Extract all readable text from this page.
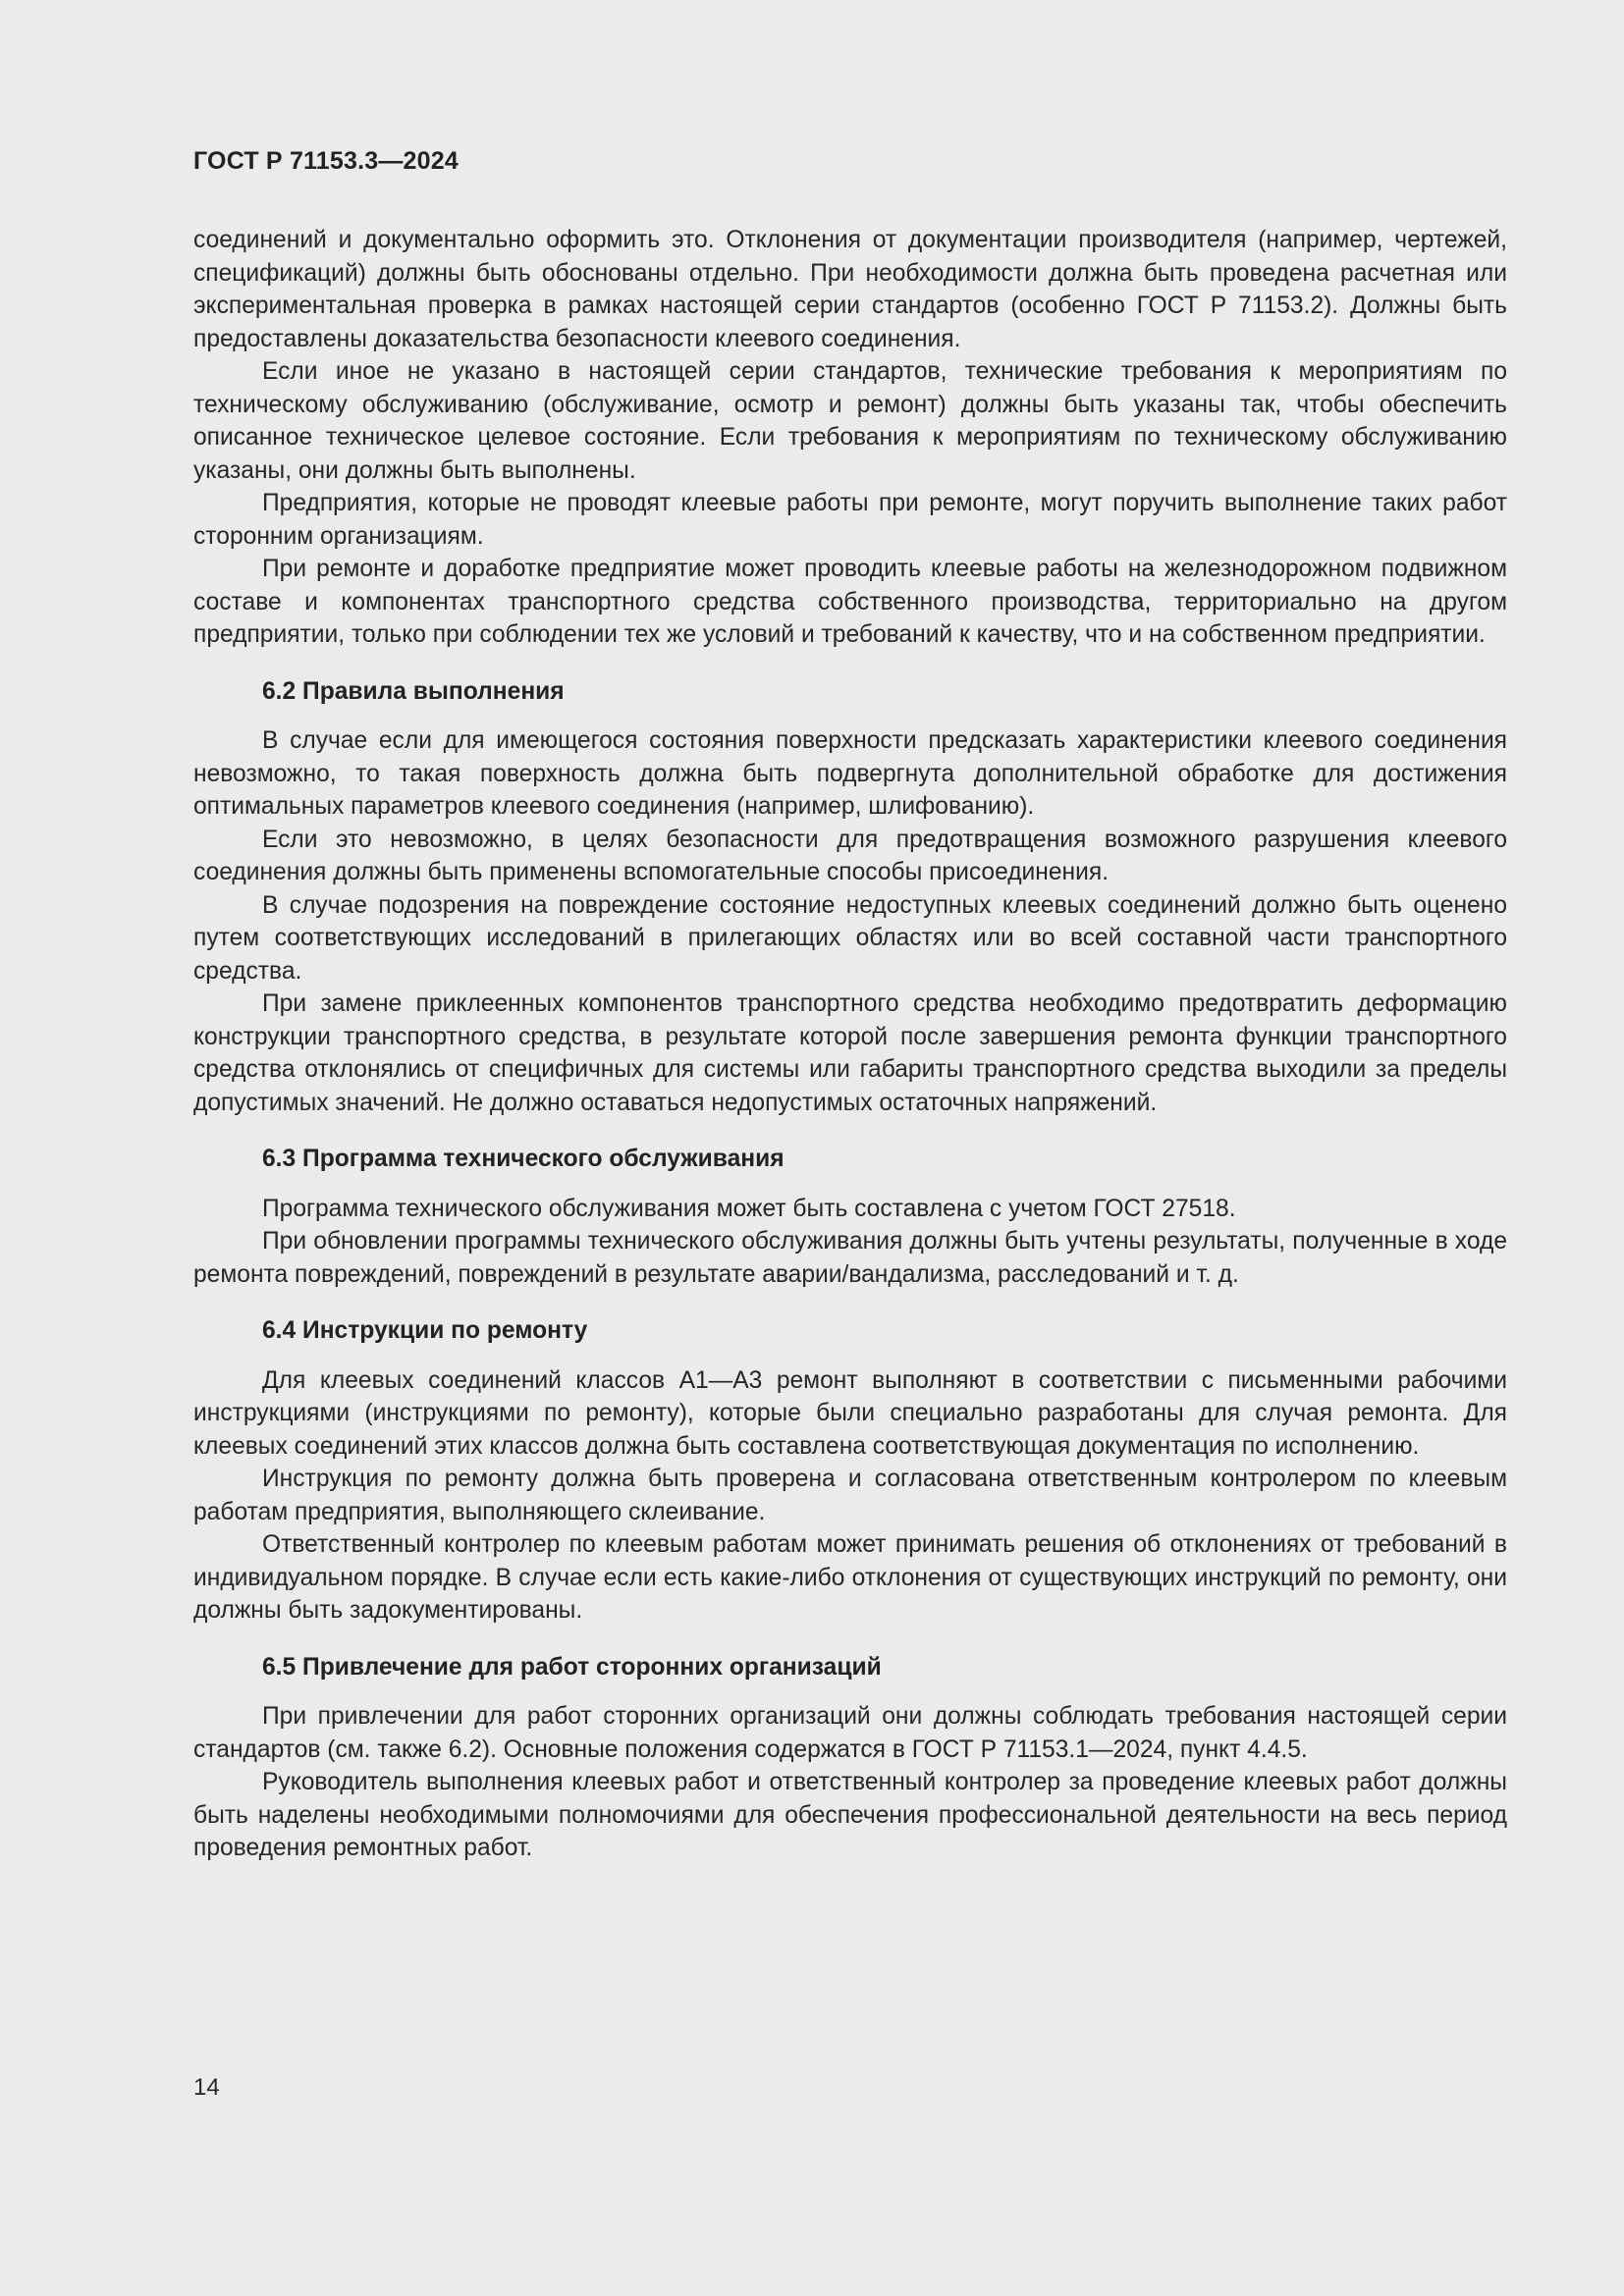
ГОСТ Р 71153.3—2024

соединений и документально оформить это. Отклонения от документации производителя (например, чертежей, спецификаций) должны быть обоснованы отдельно. При необходимости должна быть проведена расчетная или экспериментальная проверка в рамках настоящей серии стандартов (особенно ГОСТ Р 71153.2). Должны быть предоставлены доказательства безопасности клеевого соединения.

Если иное не указано в настоящей серии стандартов, технические требования к мероприятиям по техническому обслуживанию (обслуживание, осмотр и ремонт) должны быть указаны так, чтобы обеспечить описанное техническое целевое состояние. Если требования к мероприятиям по техническому обслуживанию указаны, они должны быть выполнены.

Предприятия, которые не проводят клеевые работы при ремонте, могут поручить выполнение таких работ сторонним организациям.

При ремонте и доработке предприятие может проводить клеевые работы на железнодорожном подвижном составе и компонентах транспортного средства собственного производства, территориально на другом предприятии, только при соблюдении тех же условий и требований к качеству, что и на собственном предприятии.

6.2 Правила выполнения

В случае если для имеющегося состояния поверхности предсказать характеристики клеевого соединения невозможно, то такая поверхность должна быть подвергнута дополнительной обработке для достижения оптимальных параметров клеевого соединения (например, шлифованию).

Если это невозможно, в целях безопасности для предотвращения возможного разрушения клеевого соединения должны быть применены вспомогательные способы присоединения.

В случае подозрения на повреждение состояние недоступных клеевых соединений должно быть оценено путем соответствующих исследований в прилегающих областях или во всей составной части транспортного средства.

При замене приклеенных компонентов транспортного средства необходимо предотвратить деформацию конструкции транспортного средства, в результате которой после завершения ремонта функции транспортного средства отклонялись от специфичных для системы или габариты транспортного средства выходили за пределы допустимых значений. Не должно оставаться недопустимых остаточных напряжений.

6.3 Программа технического обслуживания

Программа технического обслуживания может быть составлена с учетом ГОСТ 27518.

При обновлении программы технического обслуживания должны быть учтены результаты, полученные в ходе ремонта повреждений, повреждений в результате аварии/вандализма, расследований и т. д.

6.4 Инструкции по ремонту

Для клеевых соединений классов А1—А3 ремонт выполняют в соответствии с письменными рабочими инструкциями (инструкциями по ремонту), которые были специально разработаны для случая ремонта. Для клеевых соединений этих классов должна быть составлена соответствующая документация по исполнению.

Инструкция по ремонту должна быть проверена и согласована ответственным контролером по клеевым работам предприятия, выполняющего склеивание.

Ответственный контролер по клеевым работам может принимать решения об отклонениях от требований в индивидуальном порядке. В случае если есть какие-либо отклонения от существующих инструкций по ремонту, они должны быть задокументированы.

6.5 Привлечение для работ сторонних организаций

При привлечении для работ сторонних организаций они должны соблюдать требования настоящей серии стандартов (см. также 6.2). Основные положения содержатся в ГОСТ Р 71153.1—2024, пункт 4.4.5.

Руководитель выполнения клеевых работ и ответственный контролер за проведение клеевых работ должны быть наделены необходимыми полномочиями для обеспечения профессиональной деятельности на весь период проведения ремонтных работ.

14
